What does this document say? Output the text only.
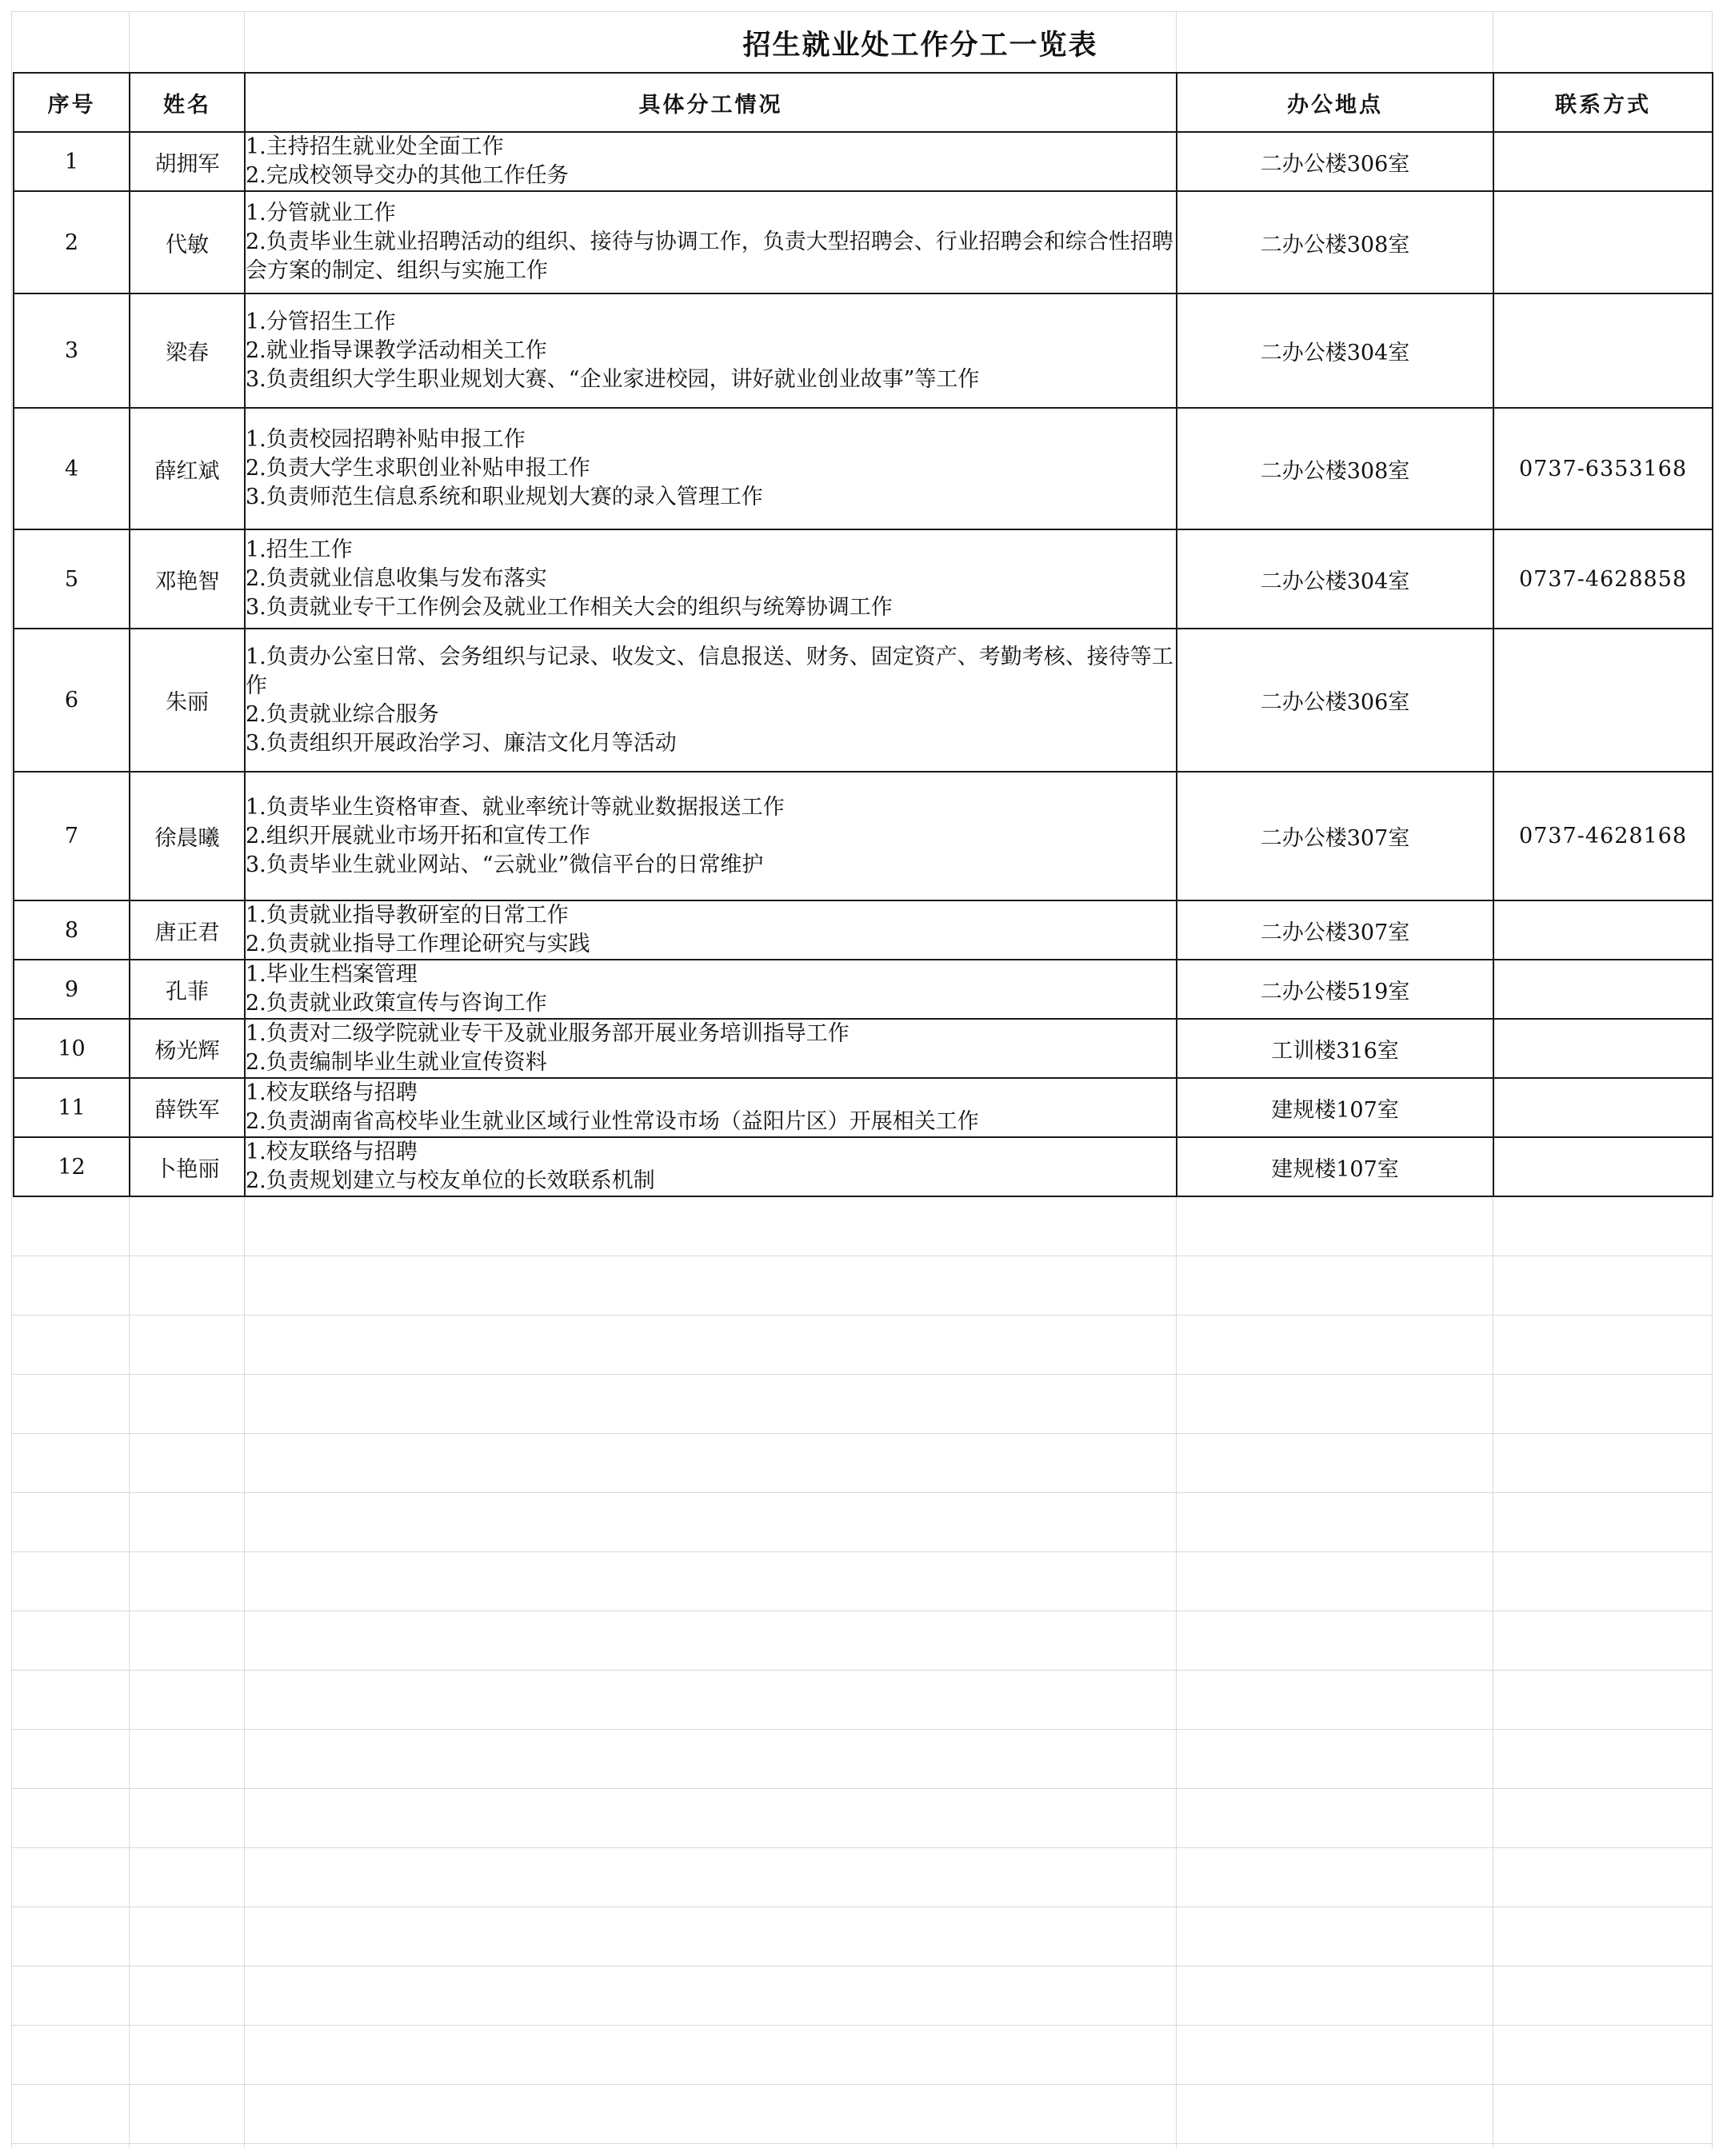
招生就业处工作分工一览表
序号	姓名	具体分工情况	办公地点	联系方式
1	胡拥军	1.主持招生就业处全面工作
2.完成校领导交办的其他工作任务	二办公楼306室	
2	代敏	1.分管就业工作
2.负责毕业生就业招聘活动的组织、接待与协调工作，负责大型招聘会、行业招聘会和综合性招聘会方案的制定、组织与实施工作	二办公楼308室	
3	梁春	1.分管招生工作
2.就业指导课教学活动相关工作
3.负责组织大学生职业规划大赛、“企业家进校园，讲好就业创业故事”等工作	二办公楼304室	
4	薛红斌	1.负责校园招聘补贴申报工作
2.负责大学生求职创业补贴申报工作
3.负责师范生信息系统和职业规划大赛的录入管理工作	二办公楼308室	0737-6353168
5	邓艳智	1.招生工作
2.负责就业信息收集与发布落实
3.负责就业专干工作例会及就业工作相关大会的组织与统筹协调工作	二办公楼304室	0737-4628858
6	朱丽	1.负责办公室日常、会务组织与记录、收发文、信息报送、财务、固定资产、考勤考核、接待等工作
2.负责就业综合服务
3.负责组织开展政治学习、廉洁文化月等活动	二办公楼306室	
7	徐晨曦	1.负责毕业生资格审查、就业率统计等就业数据报送工作
2.组织开展就业市场开拓和宣传工作
3.负责毕业生就业网站、“云就业”微信平台的日常维护	二办公楼307室	0737-4628168
8	唐正君	1.负责就业指导教研室的日常工作
2.负责就业指导工作理论研究与实践	二办公楼307室	
9	孔菲	1.毕业生档案管理
2.负责就业政策宣传与咨询工作	二办公楼519室	
10	杨光辉	1.负责对二级学院就业专干及就业服务部开展业务培训指导工作
2.负责编制毕业生就业宣传资料	工训楼316室	
11	薛铁军	1.校友联络与招聘
2.负责湖南省高校毕业生就业区域行业性常设市场（益阳片区）开展相关工作	建规楼107室	
12	卜艳丽	1.校友联络与招聘
2.负责规划建立与校友单位的长效联系机制	建规楼107室	
